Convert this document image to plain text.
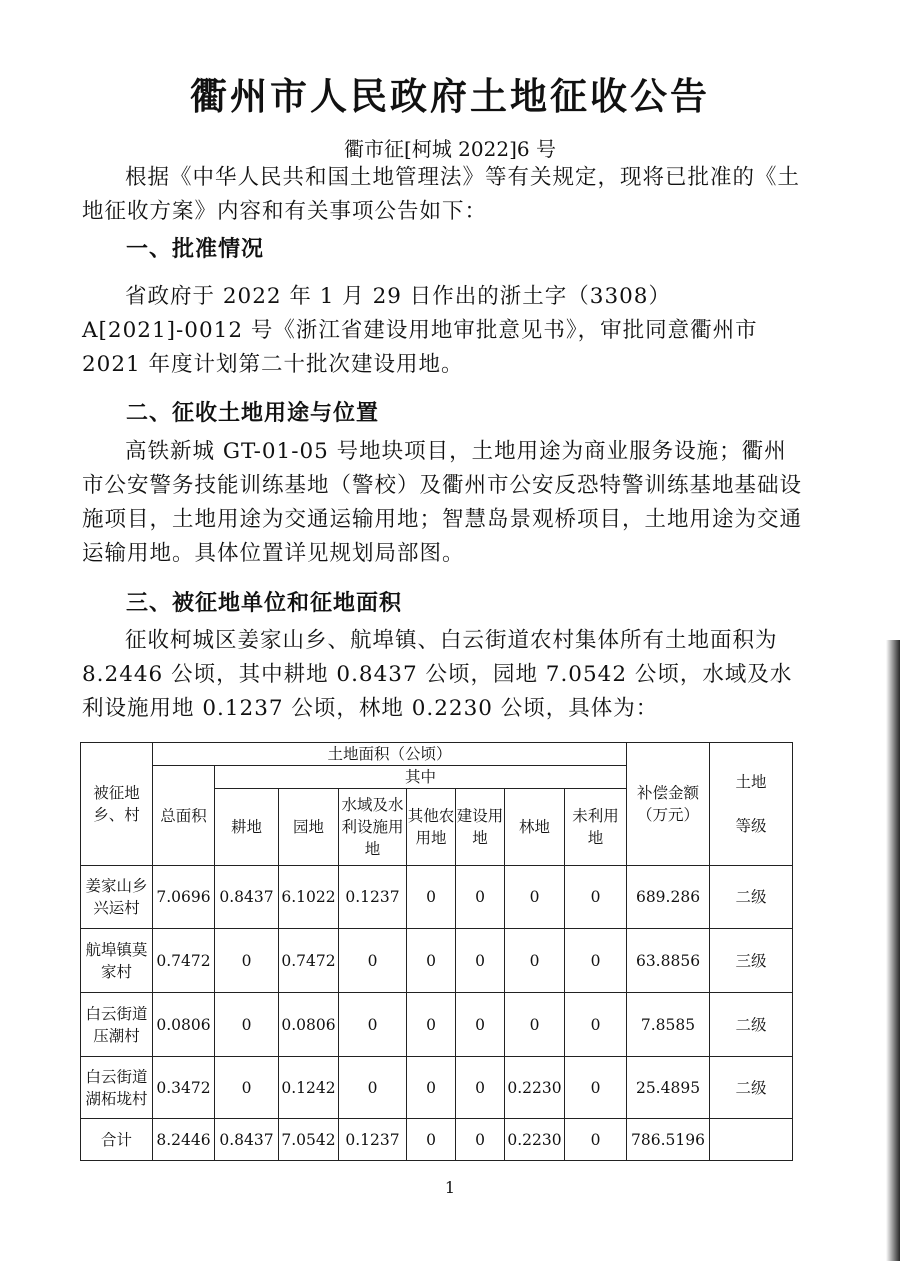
衢州市人民政府土地征收公告
衢市征[柯城 2022]6 号

根据《中华人民共和国土地管理法》等有关规定，现将已批准的《土地征收方案》内容和有关事项公告如下：

一、批准情况

省政府于 2022 年 1 月 29 日作出的浙土字（3308）A[2021]-0012 号《浙江省建设用地审批意见书》，审批同意衢州市 2021 年度计划第二十批次建设用地。

二、征收土地用途与位置

高铁新城 GT-01-05 号地块项目，土地用途为商业服务设施；衢州市公安警务技能训练基地（警校）及衢州市公安反恐特警训练基地基础设施项目，土地用途为交通运输用地；智慧岛景观桥项目，土地用途为交通运输用地。具体位置详见规划局部图。

三、被征地单位和征地面积

征收柯城区姜家山乡、航埠镇、白云街道农村集体所有土地面积为 8.2446 公顷，其中耕地 0.8437 公顷，园地 7.0542 公顷，水域及水利设施用地 0.1237 公顷，林地 0.2230 公顷，具体为：

被征地乡、村	土地面积（公顷）								补偿金额（万元）	土地
等级

	总面积	其中								
		耕地	园地	水域及水利设施用地	其他农用地	建设用地	林地	未利用地		
姜家山乡兴运村	7.0696	0.8437	6.1022	0.1237	0	0	0	0	689.286	二级
航埠镇莫家村	0.7472	0	0.7472	0	0	0	0	0	63.8856	三级
白云街道压潮村	0.0806	0	0.0806	0	0	0	0	0	7.8585	二级
白云街道湖柘垅村	0.3472	0	0.1242	0	0	0	0.2230	0	25.4895	二级
合计	8.2446	0.8437	7.0542	0.1237	0	0	0.2230	0	786.5196	
1
